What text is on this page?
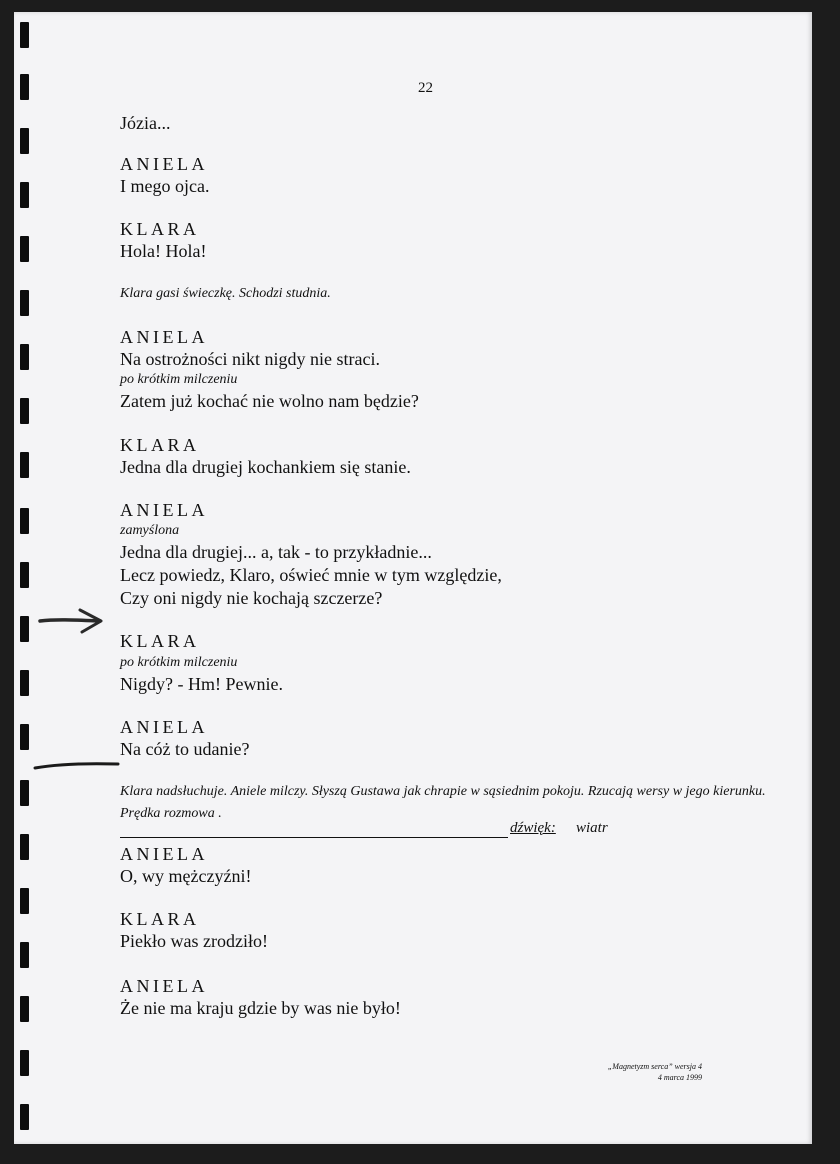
22
Józia...
ANIELA
I mego ojca.
KLARA
Hola! Hola!
Klara gasi świeczkę. Schodzi studnia.
ANIELA
Na ostrożności nikt nigdy nie straci.
po krótkim milczeniu
Zatem już kochać nie wolno nam będzie?
KLARA
Jedna dla drugiej kochankiem się stanie.
ANIELA
zamyślona
Jedna dla drugiej... a, tak - to przykładnie...
Lecz powiedz, Klaro, oświeć mnie w tym względzie,
Czy oni nigdy nie kochają szczerze?
KLARA
po krótkim milczeniu
Nigdy? - Hm! Pewnie.
ANIELA
Na cóż to udanie?
Klara nadsłuchuje. Aniele milczy. Słyszą Gustawa jak chrapie w sąsiednim pokoju. Rzucają wersy w jego kierunku. Prędka rozmowa .
dźwięk: wiatr
ANIELA
O, wy mężczyźni!
KLARA
Piekło was zrodziło!
ANIELA
Że nie ma kraju gdzie by was nie było!
„Magnetyzm serca” wersja 4
4 marca 1999
